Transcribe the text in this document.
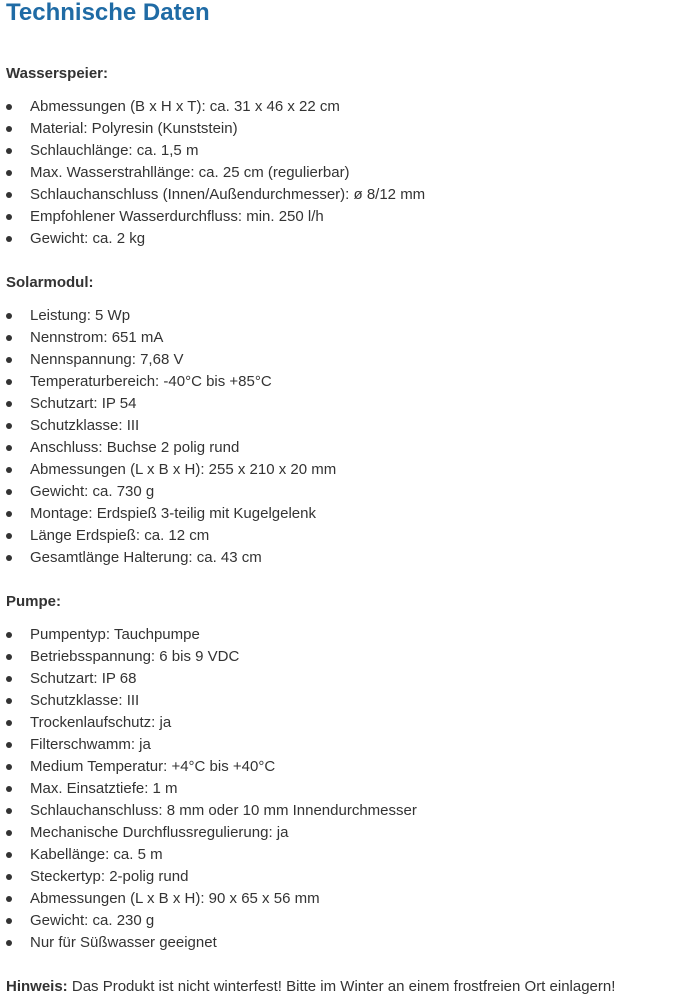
Technische Daten
Wasserspeier:
Abmessungen (B x H x T): ca. 31 x 46 x 22 cm
Material: Polyresin (Kunststein)
Schlauchlänge: ca. 1,5 m
Max. Wasserstrahllänge: ca. 25 cm (regulierbar)
Schlauchanschluss (Innen/Außendurchmesser): ø 8/12 mm
Empfohlener Wasserdurchfluss: min. 250 l/h
Gewicht: ca. 2 kg
Solarmodul:
Leistung: 5 Wp
Nennstrom: 651 mA
Nennspannung: 7,68 V
Temperaturbereich: -40°C bis +85°C
Schutzart: IP 54
Schutzklasse: III
Anschluss: Buchse 2 polig rund
Abmessungen (L x B x H): 255 x 210 x 20 mm
Gewicht: ca. 730 g
Montage: Erdspieß 3-teilig mit Kugelgelenk
Länge Erdspieß: ca. 12 cm
Gesamtlänge Halterung: ca. 43 cm
Pumpe:
Pumpentyp: Tauchpumpe
Betriebsspannung: 6 bis 9 VDC
Schutzart: IP 68
Schutzklasse: III
Trockenlaufschutz: ja
Filterschwamm: ja
Medium Temperatur: +4°C bis +40°C
Max. Einsatztiefe: 1 m
Schlauchanschluss: 8 mm oder 10 mm Innendurchmesser
Mechanische Durchflussregulierung: ja
Kabellänge: ca. 5 m
Steckertyp: 2-polig rund
Abmessungen (L x B x H): 90 x 65 x 56 mm
Gewicht: ca. 230 g
Nur für Süßwasser geeignet
Hinweis: Das Produkt ist nicht winterfest! Bitte im Winter an einem frostfreien Ort einlagern!
